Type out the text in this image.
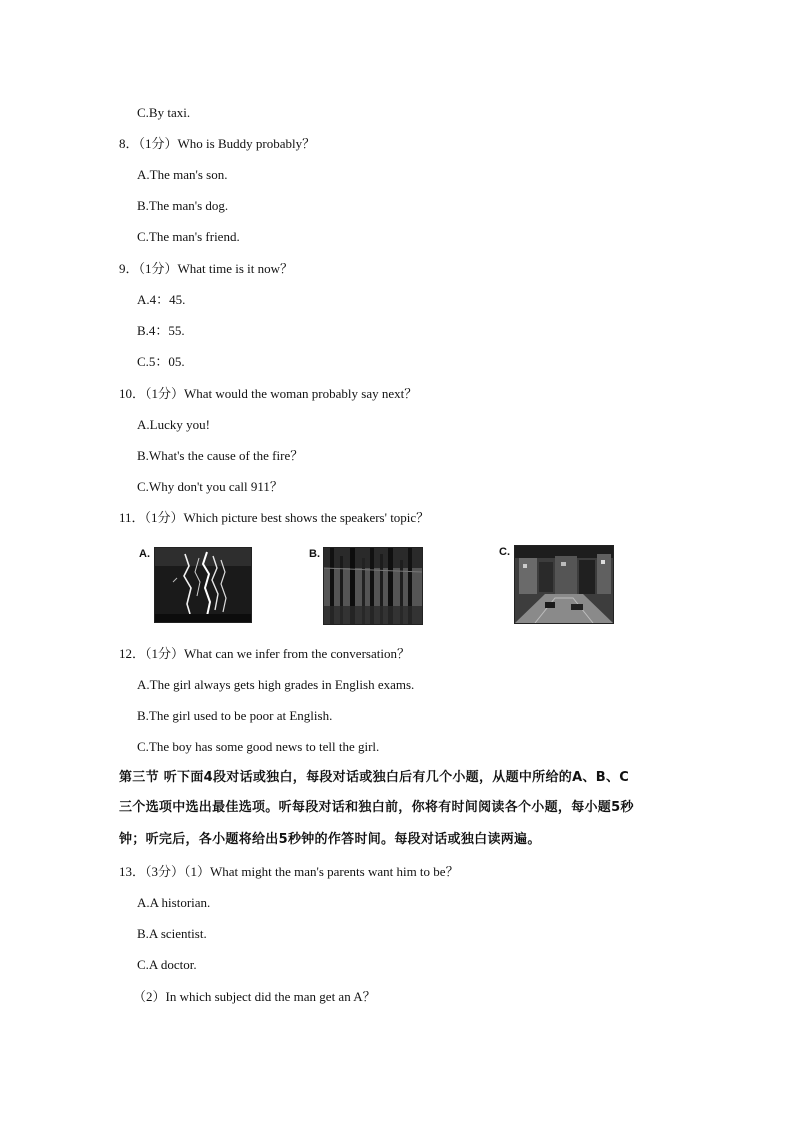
C.By taxi.
8．（1分）Who is Buddy probably？
A.The man's son.
B.The man's dog.
C.The man's friend.
9．（1分）What time is it now？
A.4：45.
B.4：55.
C.5：05.
10．（1分）What would the woman probably say next？
A.Lucky you!
B.What's the cause of the fire？
C.Why don't you call 911？
11．（1分）Which picture best shows the speakers' topic？
A.	B.	C.
12．（1分）What can we infer from the conversation？
A.The girl always gets high grades in English exams.
B.The girl used to be poor at English.
C.The boy has some good news to tell the girl.
第三节 听下面4段对话或独白，每段对话或独白后有几个小题，从题中所给的A、B、C
三个选项中选出最佳选项。听每段对话和独白前，你将有时间阅读各个小题，每小题5秒
钟；听完后，各小题将给出5秒钟的作答时间。每段对话或独白读两遍。
13．（3分）（1）What might the man's parents want him to be？
A.A historian.
B.A scientist.
C.A doctor.
（2）In which subject did the man get an A？
